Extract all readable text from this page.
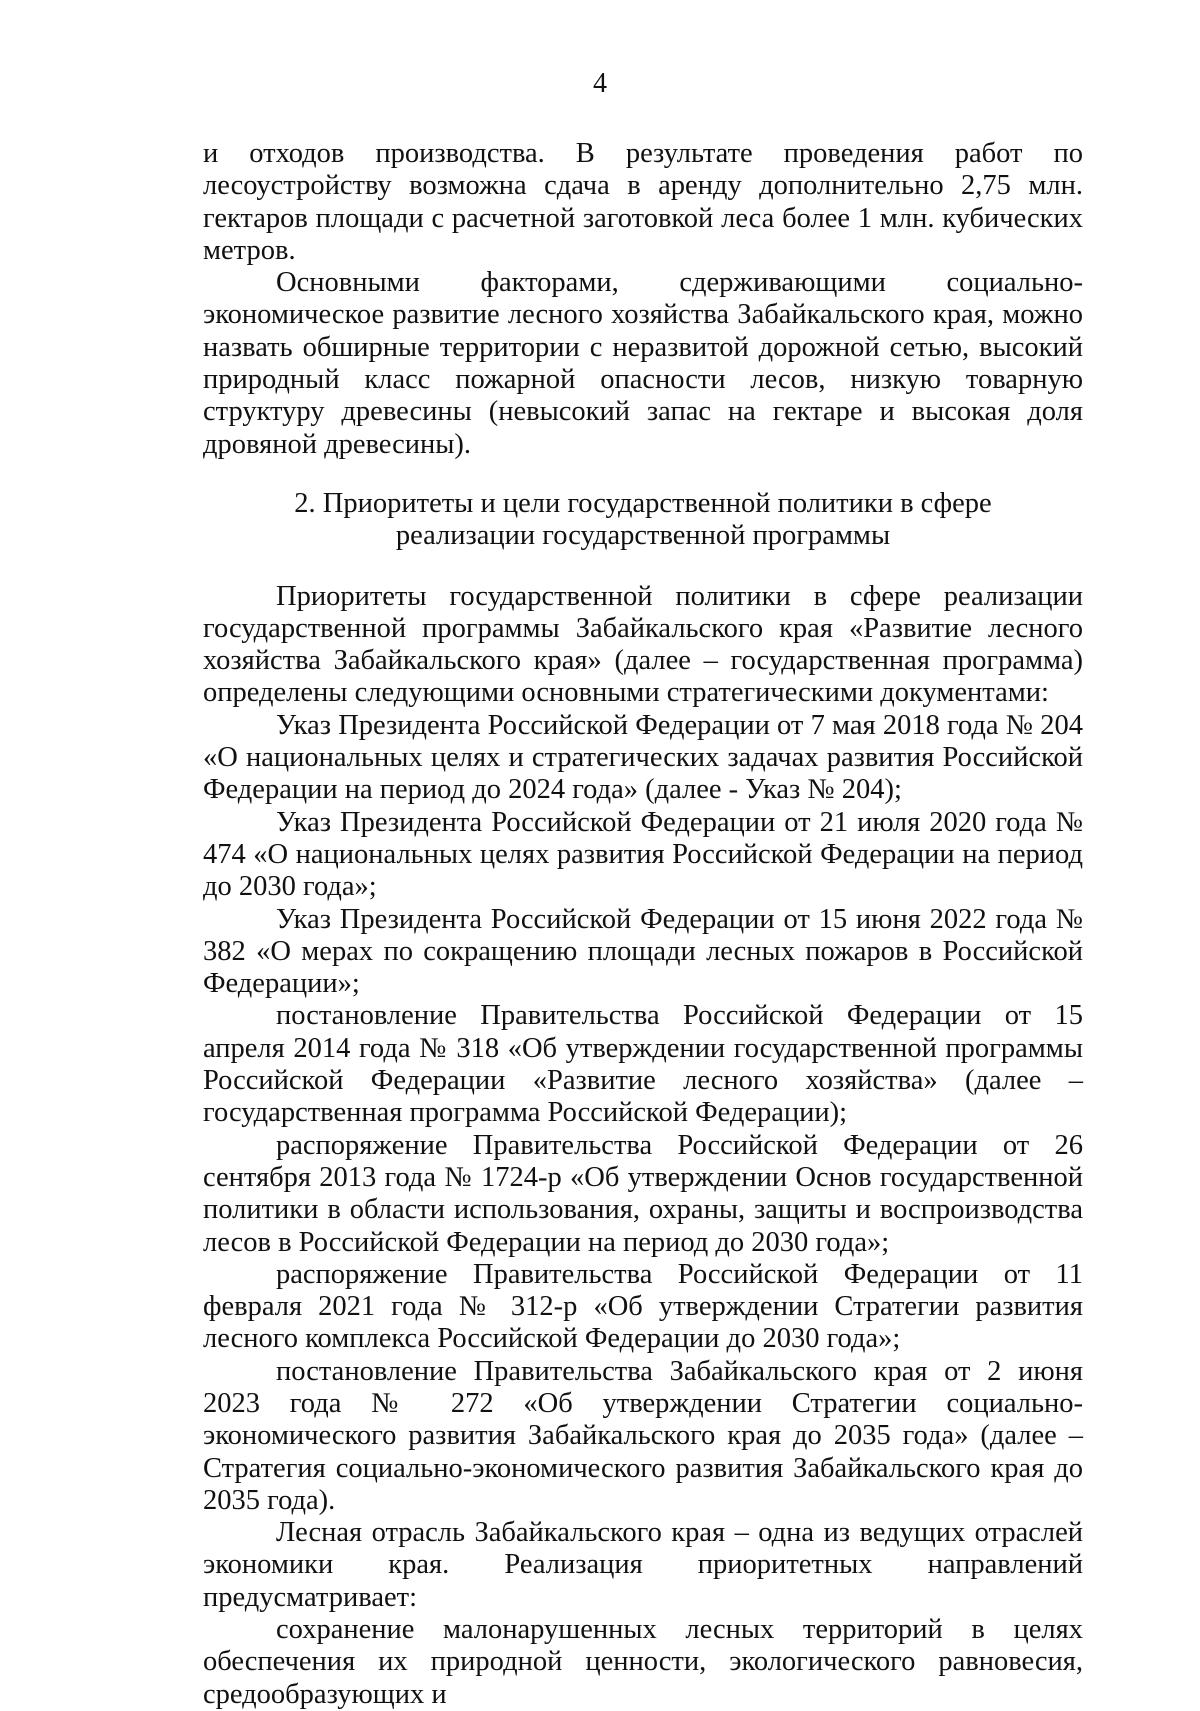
4

и отходов производства. В результате проведения работ по лесоустройству возможна сдача в аренду дополнительно 2,75 млн. гектаров площади с расчетной заготовкой леса более 1 млн. кубических метров.

Основными факторами, сдерживающими социально-экономическое развитие лесного хозяйства Забайкальского края, можно назвать обширные территории с неразвитой дорожной сетью, высокий природный класс пожарной опасности лесов, низкую товарную структуру древесины (невысокий запас на гектаре и высокая доля дровяной древесины).

2. Приоритеты и цели государственной политики в сфере
реализации государственной программы

Приоритеты государственной политики в сфере реализации государственной программы Забайкальского края «Развитие лесного хозяйства Забайкальского края» (далее – государственная программа) определены следующими основными стратегическими документами:

Указ Президента Российской Федерации от 7 мая 2018 года № 204 «О национальных целях и стратегических задачах развития Российской Федерации на период до 2024 года» (далее - Указ № 204);

Указ Президента Российской Федерации от 21 июля 2020 года № 474 «О национальных целях развития Российской Федерации на период до 2030 года»;

Указ Президента Российской Федерации от 15 июня 2022 года № 382 «О мерах по сокращению площади лесных пожаров в Российской Федерации»;

постановление Правительства Российской Федерации от 15 апреля 2014 года № 318 «Об утверждении государственной программы Российской Федерации «Развитие лесного хозяйства» (далее – государственная программа Российской Федерации);

распоряжение Правительства Российской Федерации от 26 сентября 2013 года № 1724-р «Об утверждении Основ государственной политики в области использования, охраны, защиты и воспроизводства лесов в Российской Федерации на период до 2030 года»;

распоряжение Правительства Российской Федерации от 11 февраля 2021 года № 312-р «Об утверждении Стратегии развития лесного комплекса Российской Федерации до 2030 года»;

постановление Правительства Забайкальского края от 2 июня 2023 года № 272 «Об утверждении Стратегии социально-экономического развития Забайкальского края до 2035 года» (далее – Стратегия социально-экономического развития Забайкальского края до 2035 года).

Лесная отрасль Забайкальского края – одна из ведущих отраслей экономики края. Реализация приоритетных направлений предусматривает:

сохранение малонарушенных лесных территорий в целях обеспечения их природной ценности, экологического равновесия, средообразующих и
